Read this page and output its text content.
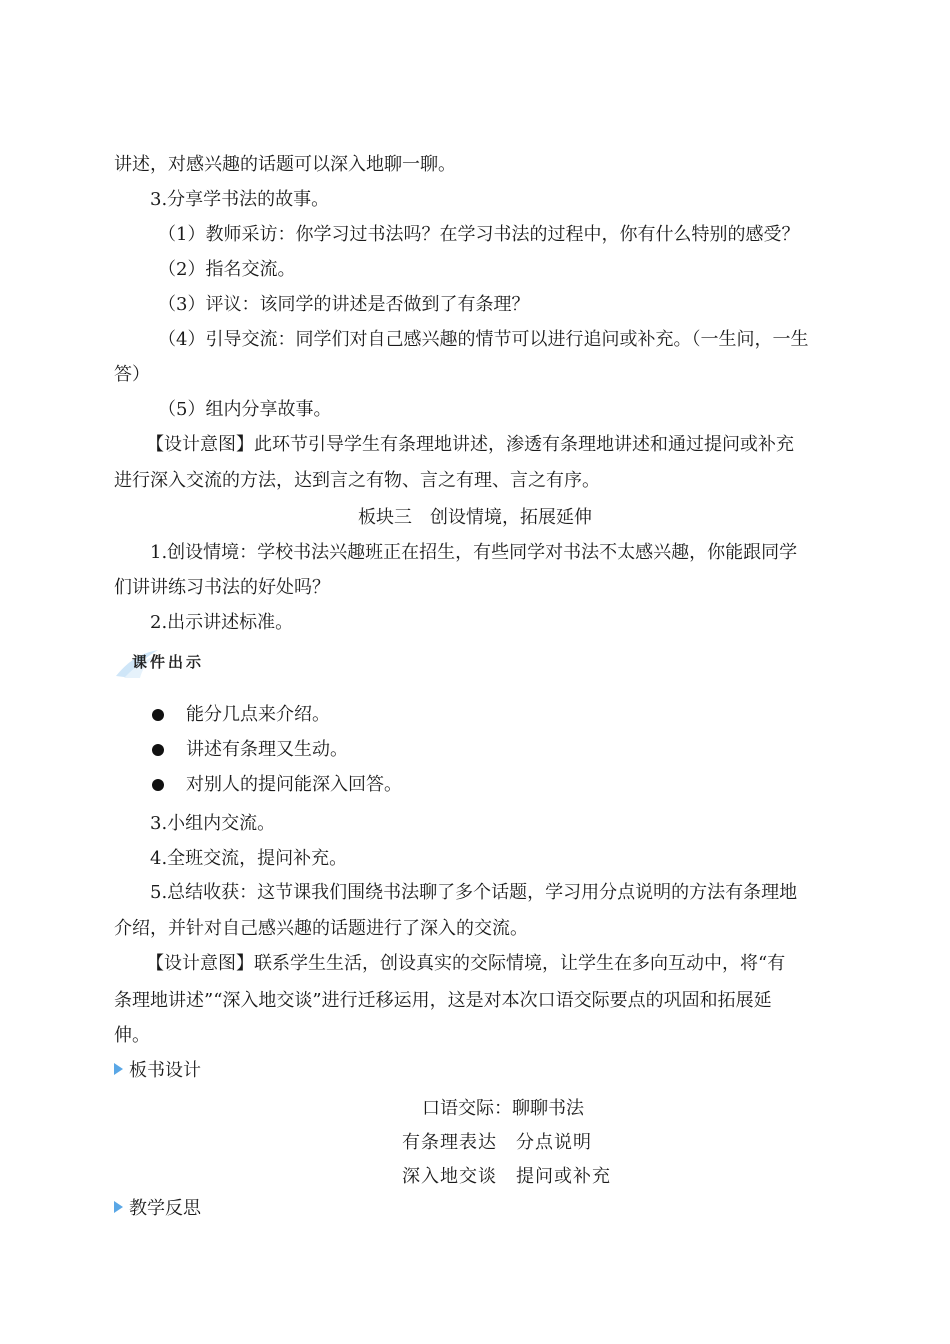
讲述，对感兴趣的话题可以深入地聊一聊。
3.分享学书法的故事。
（1）教师采访：你学习过书法吗？在学习书法的过程中，你有什么特别的感受？
（2）指名交流。
（3）评议：该同学的讲述是否做到了有条理？
（4）引导交流：同学们对自己感兴趣的情节可以进行追问或补充。（一生问，一生
答）
（5）组内分享故事。
【设计意图】此环节引导学生有条理地讲述，渗透有条理地讲述和通过提问或补充
进行深入交流的方法，达到言之有物、言之有理、言之有序。
板块三　创设情境，拓展延伸
1.创设情境：学校书法兴趣班正在招生，有些同学对书法不太感兴趣，你能跟同学
们讲讲练习书法的好处吗？
2.出示讲述标准。
课件出示
能分几点来介绍。
讲述有条理又生动。
对别人的提问能深入回答。
3.小组内交流。
4.全班交流，提问补充。
5.总结收获：这节课我们围绕书法聊了多个话题，学习用分点说明的方法有条理地
介绍，并针对自己感兴趣的话题进行了深入的交流。
【设计意图】联系学生生活，创设真实的交际情境，让学生在多向互动中，将“有
条理地讲述”“深入地交谈”进行迁移运用，这是对本次口语交际要点的巩固和拓展延
伸。
板书设计
口语交际：聊聊书法
有条理表达　分点说明
深入地交谈　提问或补充
教学反思
